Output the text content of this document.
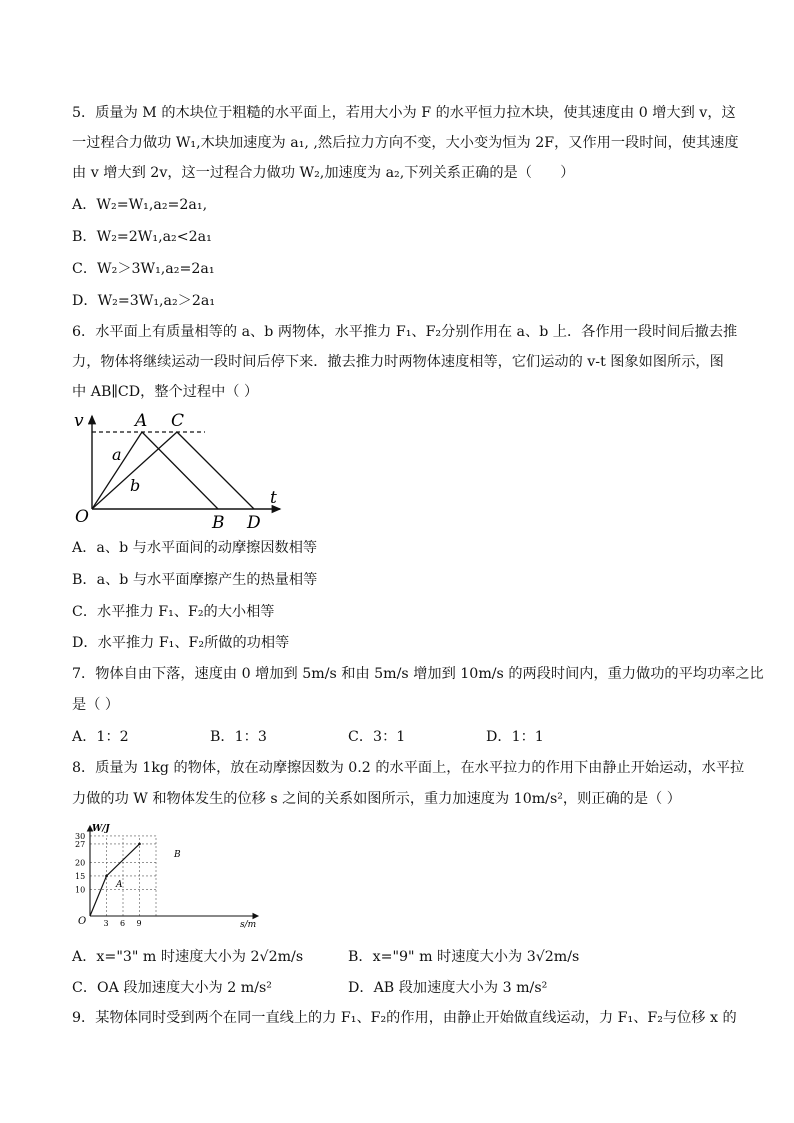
5．质量为 M 的木块位于粗糙的水平面上，若用大小为 F 的水平恒力拉木块，使其速度由 0 增大到 v，这
一过程合力做功 W₁,木块加速度为 a₁, ,然后拉力方向不变，大小变为恒为 2F，又作用一段时间，使其速度
由 v 增大到 2v，这一过程合力做功 W₂,加速度为 a₂,下列关系正确的是（　　）
A．W₂=W₁,a₂=2a₁,
B．W₂=2W₁,a₂<2a₁
C．W₂＞3W₁,a₂=2a₁
D．W₂=3W₁,a₂＞2a₁
6．水平面上有质量相等的 a、b 两物体，水平推力 F₁、F₂分别作用在 a、b 上．各作用一段时间后撤去推
力，物体将继续运动一段时间后停下来．撤去推力时两物体速度相等，它们运动的 v-t 图象如图所示，图
中 AB∥CD，整个过程中（ ）
v
t
O
A C
a
b
B D
A．a、b 与水平面间的动摩擦因数相等
B．a、b 与水平面摩擦产生的热量相等
C．水平推力 F₁、F₂的大小相等
D．水平推力 F₁、F₂所做的功相等
7．物体自由下落，速度由 0 增加到 5m/s 和由 5m/s 增加到 10m/s 的两段时间内，重力做功的平均功率之比
是（ ）
A．1：2	B．1：3	C．3：1	D．1：1
8．质量为 1kg 的物体，放在动摩擦因数为 0.2 的水平面上，在水平拉力的作用下由静止开始运动，水平拉
力做的功 W 和物体发生的位移 s 之间的关系如图所示，重力加速度为 10m/s²，则正确的是（ ）
10
15
20
27
30
3 6 9
W/J
s/m
O
A
B
A．x="3" m 时速度大小为 2√2m/s	B．x="9" m 时速度大小为 3√2m/s
C．OA 段加速度大小为 2 m/s²	D．AB 段加速度大小为 3 m/s²
9．某物体同时受到两个在同一直线上的力 F₁、F₂的作用，由静止开始做直线运动，力 F₁、F₂与位移 x 的
